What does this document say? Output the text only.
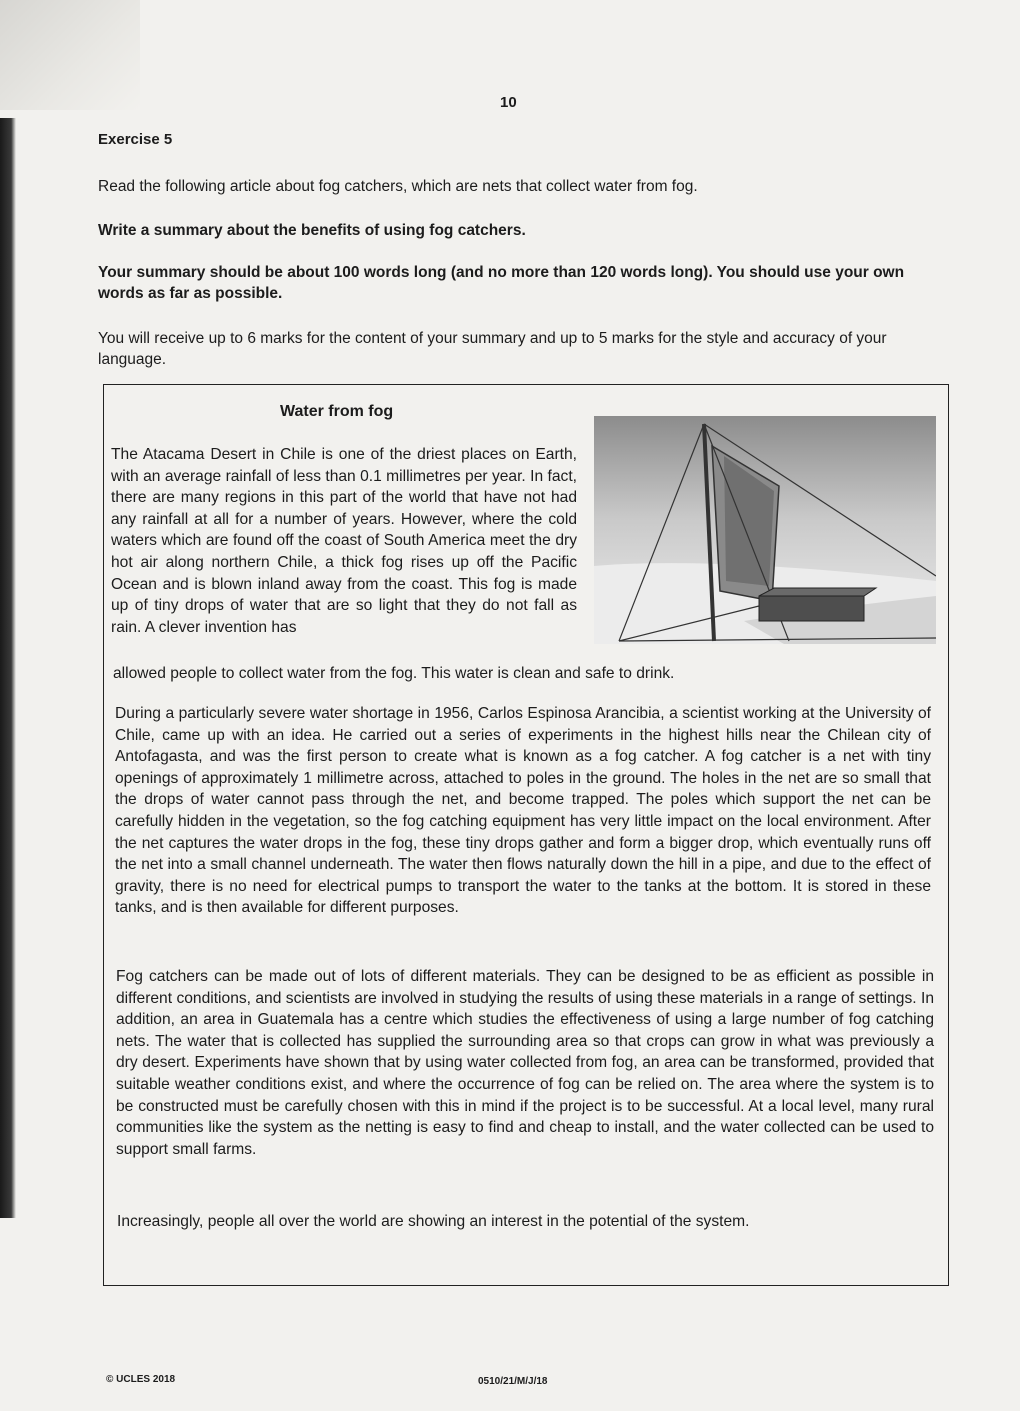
10
Exercise 5
Read the following article about fog catchers, which are nets that collect water from fog.
Write a summary about the benefits of using fog catchers.
Your summary should be about 100 words long (and no more than 120 words long). You should use your own words as far as possible.
You will receive up to 6 marks for the content of your summary and up to 5 marks for the style and accuracy of your language.
Water from fog
The Atacama Desert in Chile is one of the driest places on Earth, with an average rainfall of less than 0.1 millimetres per year. In fact, there are many regions in this part of the world that have not had any rainfall at all for a number of years. However, where the cold waters which are found off the coast of South America meet the dry hot air along northern Chile, a thick fog rises up off the Pacific Ocean and is blown inland away from the coast. This fog is made up of tiny drops of water that are so light that they do not fall as rain. A clever invention has
allowed people to collect water from the fog. This water is clean and safe to drink.
During a particularly severe water shortage in 1956, Carlos Espinosa Arancibia, a scientist working at the University of Chile, came up with an idea. He carried out a series of experiments in the highest hills near the Chilean city of Antofagasta, and was the first person to create what is known as a fog catcher. A fog catcher is a net with tiny openings of approximately 1 millimetre across, attached to poles in the ground. The holes in the net are so small that the drops of water cannot pass through the net, and become trapped. The poles which support the net can be carefully hidden in the vegetation, so the fog catching equipment has very little impact on the local environment. After the net captures the water drops in the fog, these tiny drops gather and form a bigger drop, which eventually runs off the net into a small channel underneath. The water then flows naturally down the hill in a pipe, and due to the effect of gravity, there is no need for electrical pumps to transport the water to the tanks at the bottom. It is stored in these tanks, and is then available for different purposes.
Fog catchers can be made out of lots of different materials. They can be designed to be as efficient as possible in different conditions, and scientists are involved in studying the results of using these materials in a range of settings. In addition, an area in Guatemala has a centre which studies the effectiveness of using a large number of fog catching nets. The water that is collected has supplied the surrounding area so that crops can grow in what was previously a dry desert. Experiments have shown that by using water collected from fog, an area can be transformed, provided that suitable weather conditions exist, and where the occurrence of fog can be relied on. The area where the system is to be constructed must be carefully chosen with this in mind if the project is to be successful. At a local level, many rural communities like the system as the netting is easy to find and cheap to install, and the water collected can be used to support small farms.
Increasingly, people all over the world are showing an interest in the potential of the system.
© UCLES 2018	0510/21/M/J/18
